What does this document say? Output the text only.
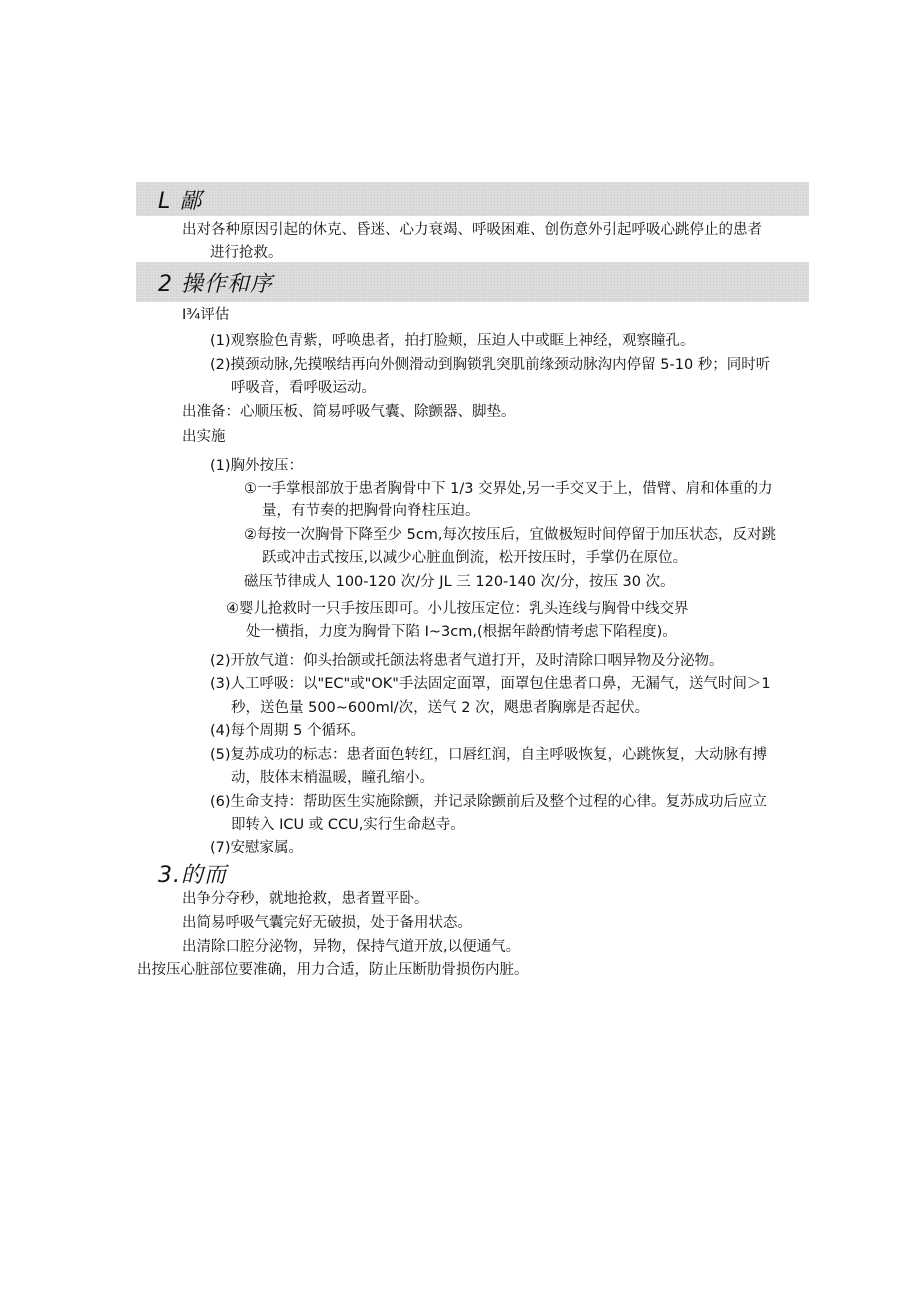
L 鄙
出对各种原因引起的休克、昏迷、心力衰竭、呼吸困难、创伤意外引起呼吸心跳停止的患者
进行抢救。
2 操作和序
I¾评估
(1)观察脸色青紫，呼唤患者，拍打脸颊，压迫人中或眶上神经，观察瞳孔。
(2)摸颈动脉,先摸喉结再向外侧滑动到胸锁乳突肌前缘颈动脉沟内停留 5-10 秒；同时听
呼吸音，看呼吸运动。
出准备：心顺压板、简易呼吸气囊、除颤器、脚垫。
出实施
(1)胸外按压：
①一手掌根部放于患者胸骨中下 1/3 交界处,另一手交叉于上，借臂、肩和体重的力
量，有节奏的把胸骨向脊柱压迫。
②每按一次胸骨下降至少 5cm,每次按压后，宜做极短时间停留于加压状态，反对跳
跃或冲击式按压,以减少心脏血倒流，松开按压时，手掌仍在原位。
磁压节律成人 100-120 次/分 JL 三 120-140 次/分，按压 30 次。
④婴儿抢救时一只手按压即可。小儿按压定位：乳头连线与胸骨中线交界
处一横指，力度为胸骨下陷 I~3cm,(根据年龄酌情考虑下陷程度)。
(2)开放气道：仰头抬颌或托颌法将患者气道打开，及时清除口咽异物及分泌物。
(3)人工呼吸：以"EC"或"OK"手法固定面罩，面罩包住患者口鼻，无漏气，送气时间＞1
秒，送色量 500~600ml/次，送气 2 次，飓患者胸廓是否起伏。
(4)每个周期 5 个循环。
(5)复苏成功的标志：患者面色转红，口唇红润，自主呼吸恢复，心跳恢复，大动脉有搏
动，肢体末梢温暖，瞳孔缩小。
(6)生命支持：帮助医生实施除颤，并记录除颤前后及整个过程的心律。复苏成功后应立
即转入 ICU 或 CCU,实行生命赵寺。
(7)安慰家属。
3.的而
出争分夺秒，就地抢救，患者置平卧。
出简易呼吸气囊完好无破损，处于备用状态。
出清除口腔分泌物，异物，保持气道开放,以便通气。
出按压心脏部位要准确，用力合适，防止压断肋骨损伤内脏。
